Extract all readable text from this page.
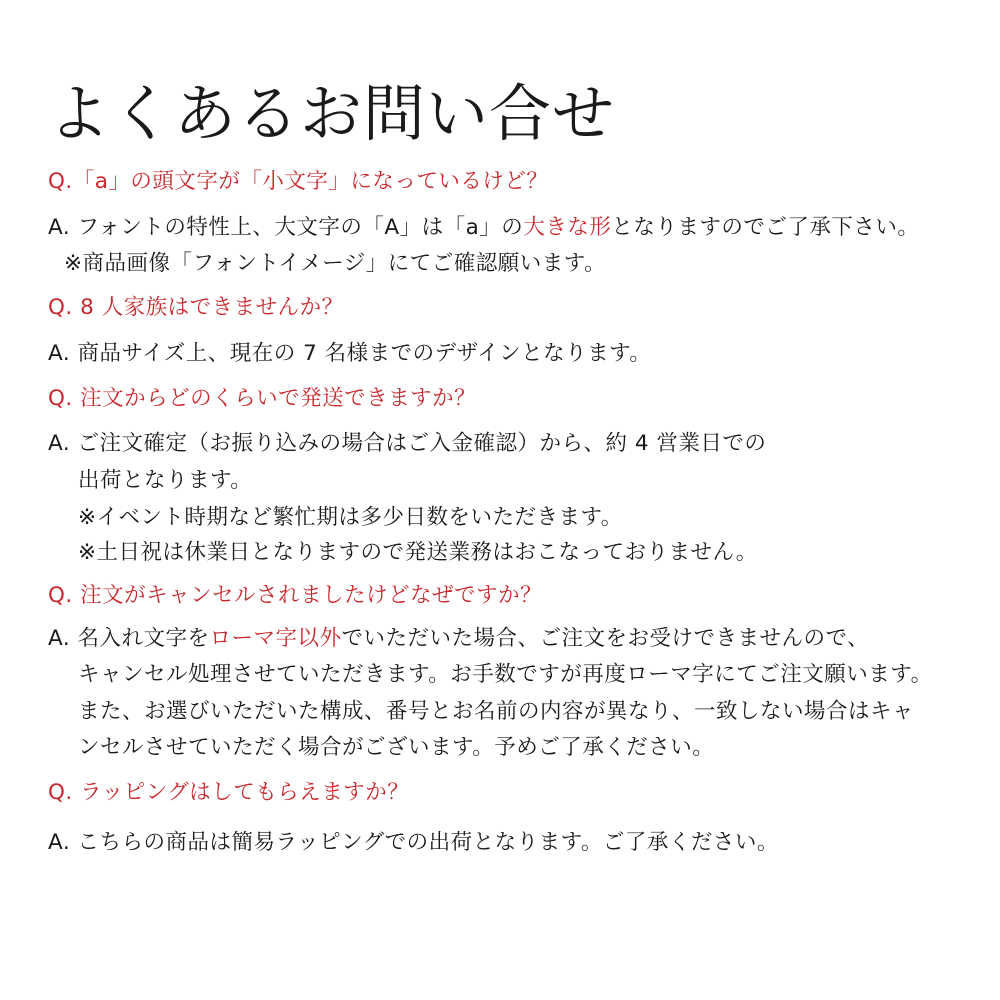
よくあるお問い合せ
Q.「a」の頭文字が「小文字」になっているけど？
A. フォントの特性上、大文字の「A」は「a」の大きな形となりますのでご了承下さい。
※商品画像「フォントイメージ」にてご確認願います。
Q. 8 人家族はできませんか？
A. 商品サイズ上、現在の 7 名様までのデザインとなります。
Q. 注文からどのくらいで発送できますか？
A. ご注文確定（お振り込みの場合はご入金確認）から、約 4 営業日での
出荷となります。
※イベント時期など繁忙期は多少日数をいただきます。
※土日祝は休業日となりますので発送業務はおこなっておりません。
Q. 注文がキャンセルされましたけどなぜですか？
A. 名入れ文字をローマ字以外でいただいた場合、ご注文をお受けできませんので、
キャンセル処理させていただきます。お手数ですが再度ローマ字にてご注文願います。
また、お選びいただいた構成、番号とお名前の内容が異なり、一致しない場合はキャ
ンセルさせていただく場合がございます。予めご了承ください。
Q. ラッピングはしてもらえますか？
A. こちらの商品は簡易ラッピングでの出荷となります。ご了承ください。
